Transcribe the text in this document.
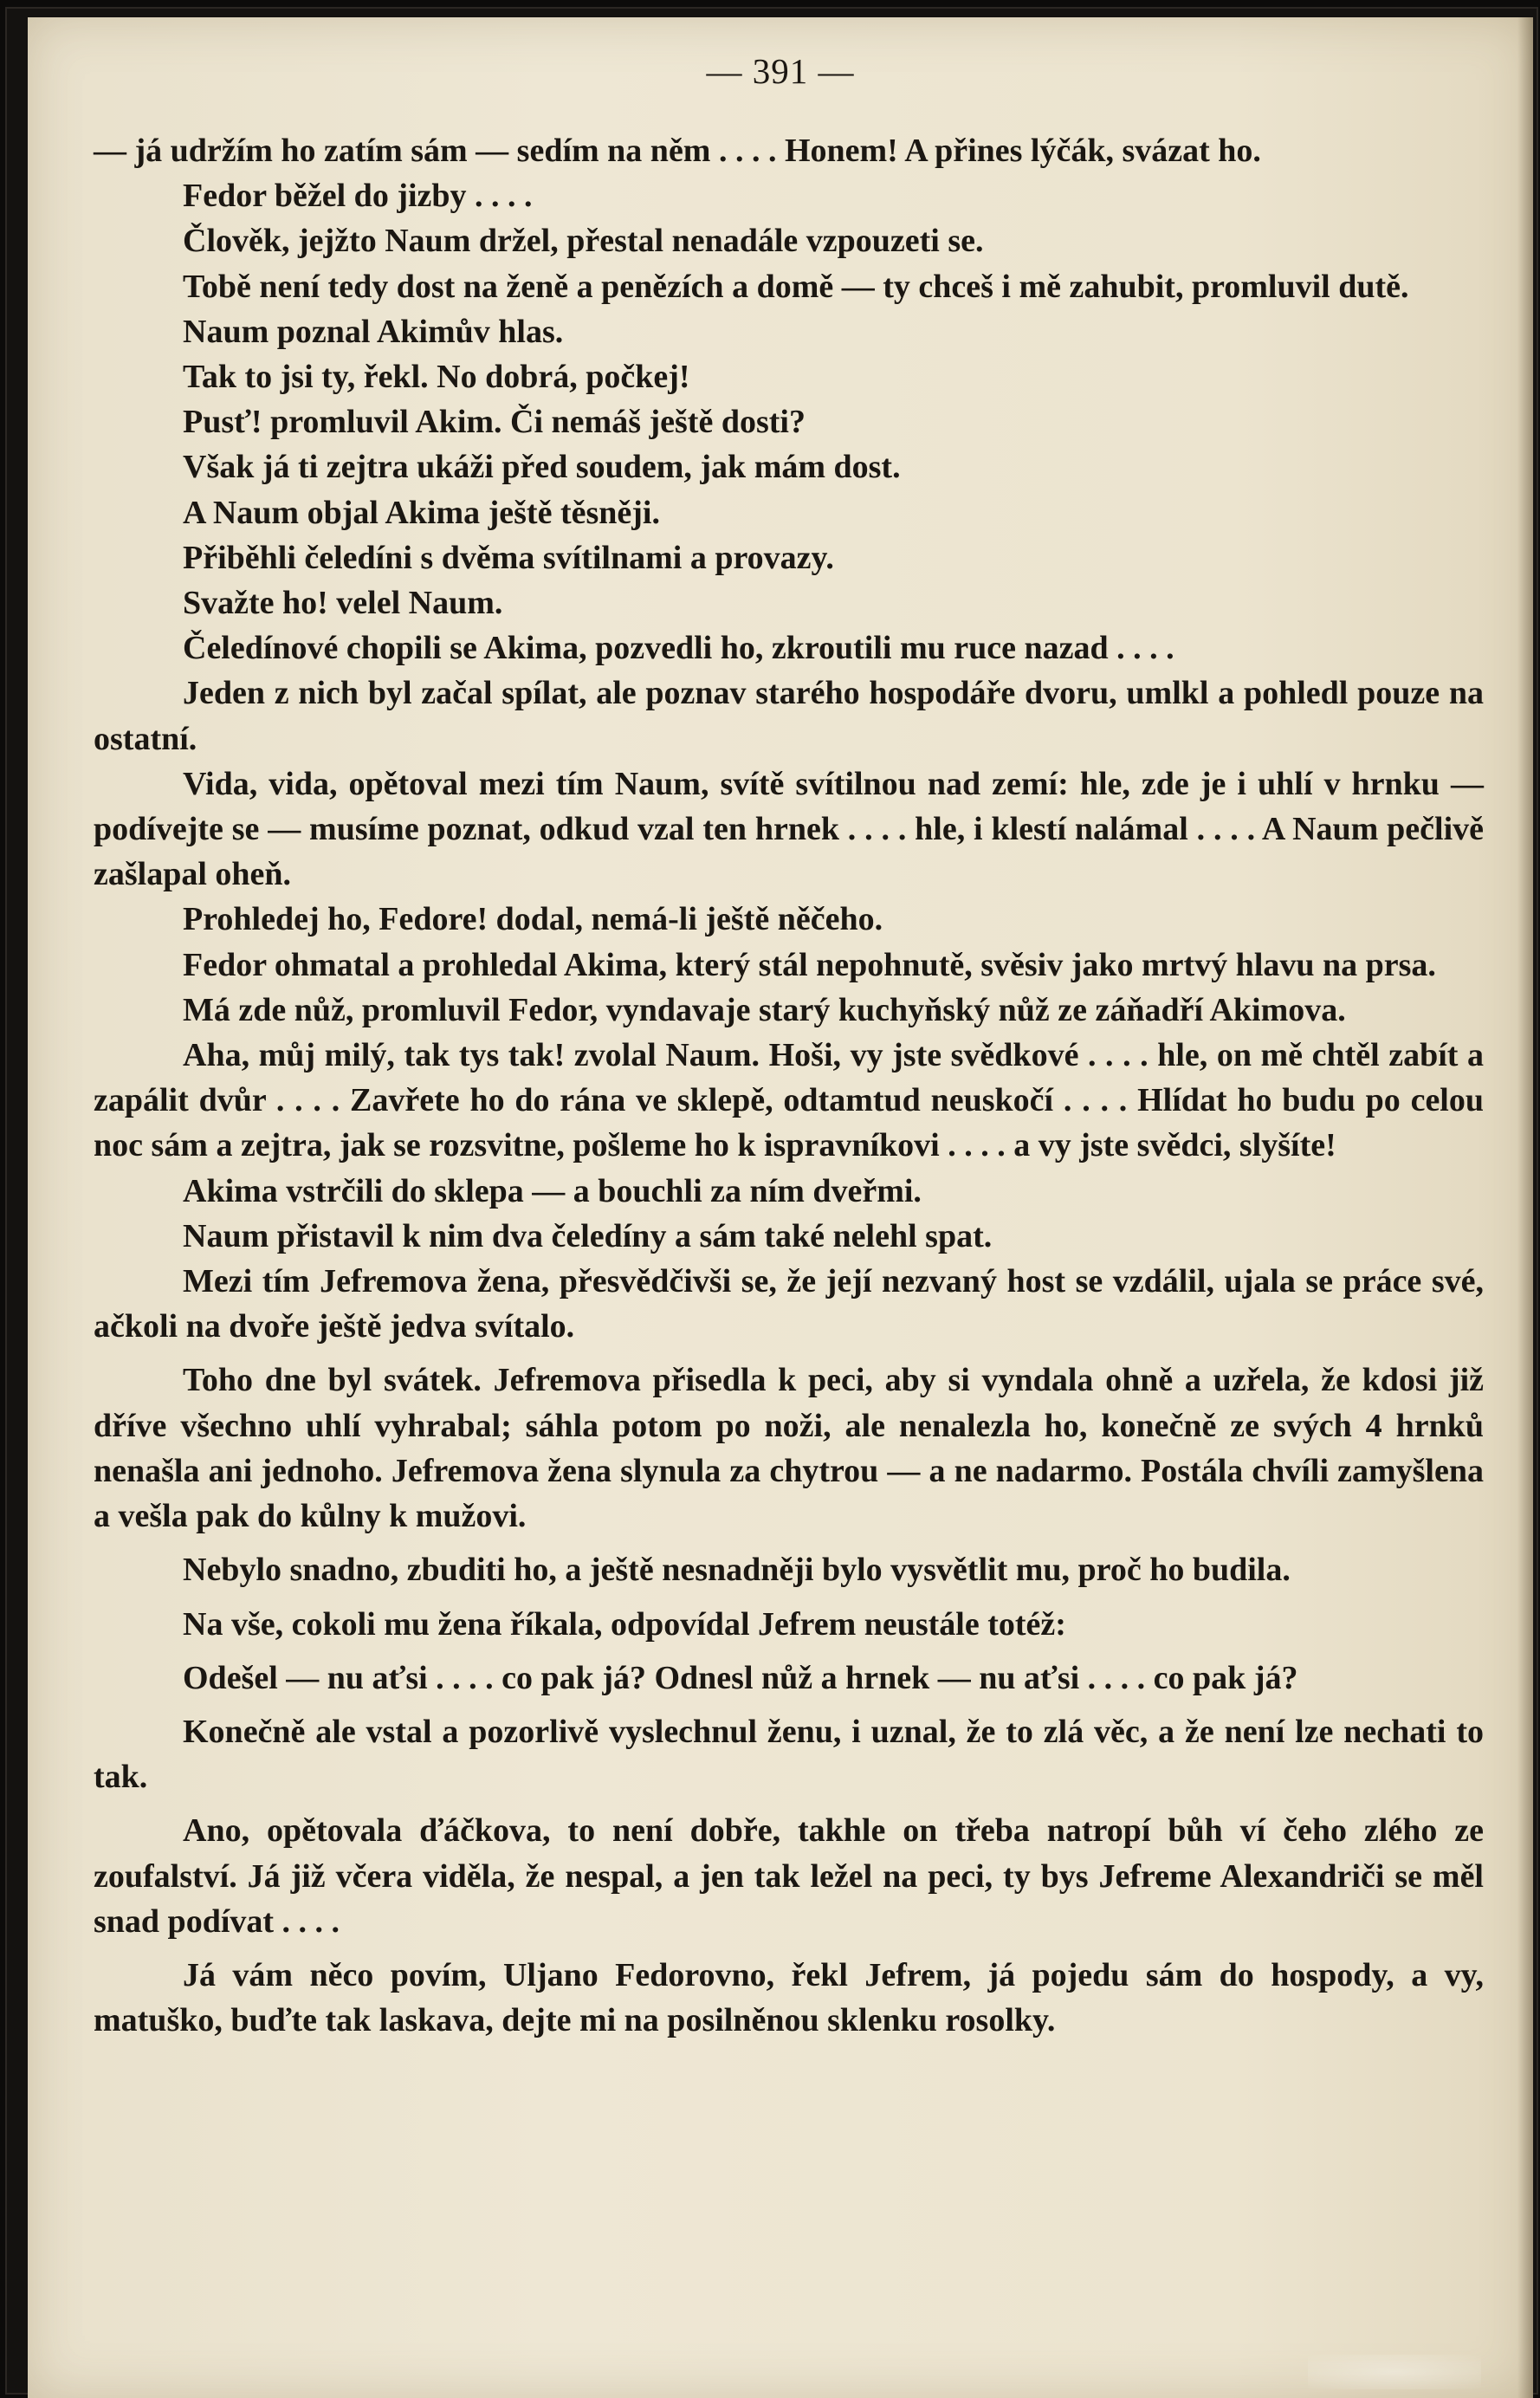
— 391 —

— já udržím ho zatím sám — sedím na něm . . . . Honem! A přines lýčák, svázat ho.

Fedor běžel do jizby . . . .

Člověk, jejžto Naum držel, přestal nenadále vzpouzeti se.

Tobě není tedy dost na ženě a penězích a domě — ty chceš i mě zahubit, promluvil dutě.

Naum poznal Akimův hlas.

Tak to jsi ty, řekl. No dobrá, počkej!

Pusť! promluvil Akim. Či nemáš ještě dosti?

Však já ti zejtra ukáži před soudem, jak mám dost.

A Naum objal Akima ještě těsněji.

Přiběhli čeledíni s dvěma svítilnami a provazy.

Svažte ho! velel Naum.

Čeledínové chopili se Akima, pozvedli ho, zkroutili mu ruce nazad . . . .

Jeden z nich byl začal spílat, ale poznav starého hospodáře dvoru, umlkl a pohledl pouze na ostatní.

Vida, vida, opětoval mezi tím Naum, svítě svítilnou nad zemí: hle, zde je i uhlí v hrnku — podívejte se — musíme poznat, odkud vzal ten hrnek . . . . hle, i klestí nalámal . . . . A Naum pečlivě zašlapal oheň.

Prohledej ho, Fedore! dodal, nemá-li ještě něčeho.

Fedor ohmatal a prohledal Akima, který stál nepohnutě, svěsiv jako mrtvý hlavu na prsa.

Má zde nůž, promluvil Fedor, vyndavaje starý kuchyňský nůž ze záňadří Akimova.

Aha, můj milý, tak tys tak! zvolal Naum. Hoši, vy jste svědkové . . . . hle, on mě chtěl zabít a zapálit dvůr . . . . Zavřete ho do rána ve sklepě, odtamtud neuskočí . . . . Hlídat ho budu po celou noc sám a zejtra, jak se rozsvitne, pošleme ho k ispravníkovi . . . . a vy jste svědci, slyšíte!

Akima vstrčili do sklepa — a bouchli za ním dveřmi.

Naum přistavil k nim dva čeledíny a sám také nelehl spat.

Mezi tím Jefremova žena, přesvědčivši se, že její nezvaný host se vzdálil, ujala se práce své, ačkoli na dvoře ještě jedva svítalo.

Toho dne byl svátek. Jefremova přisedla k peci, aby si vyndala ohně a uzřela, že kdosi již dříve všechno uhlí vyhrabal; sáhla potom po noži, ale nenalezla ho, konečně ze svých 4 hrnků nenašla ani jednoho. Jefremova žena slynula za chytrou — a ne nadarmo. Postála chvíli zamyšlena a vešla pak do kůlny k mužovi.

Nebylo snadno, zbuditi ho, a ještě nesnadněji bylo vysvětlit mu, proč ho budila.

Na vše, cokoli mu žena říkala, odpovídal Jefrem neustále totéž:

Odešel — nu aťsi . . . . co pak já? Odnesl nůž a hrnek — nu aťsi . . . . co pak já?

Konečně ale vstal a pozorlivě vyslechnul ženu, i uznal, že to zlá věc, a že není lze nechati to tak.

Ano, opětovala ďáčkova, to není dobře, takhle on třeba natropí bůh ví čeho zlého ze zoufalství. Já již včera viděla, že nespal, a jen tak ležel na peci, ty bys Jefreme Alexandriči se měl snad podívat . . . .

Já vám něco povím, Uljano Fedorovno, řekl Jefrem, já pojedu sám do hospody, a vy, matuško, buďte tak laskava, dejte mi na posilněnou sklenku rosolky.
